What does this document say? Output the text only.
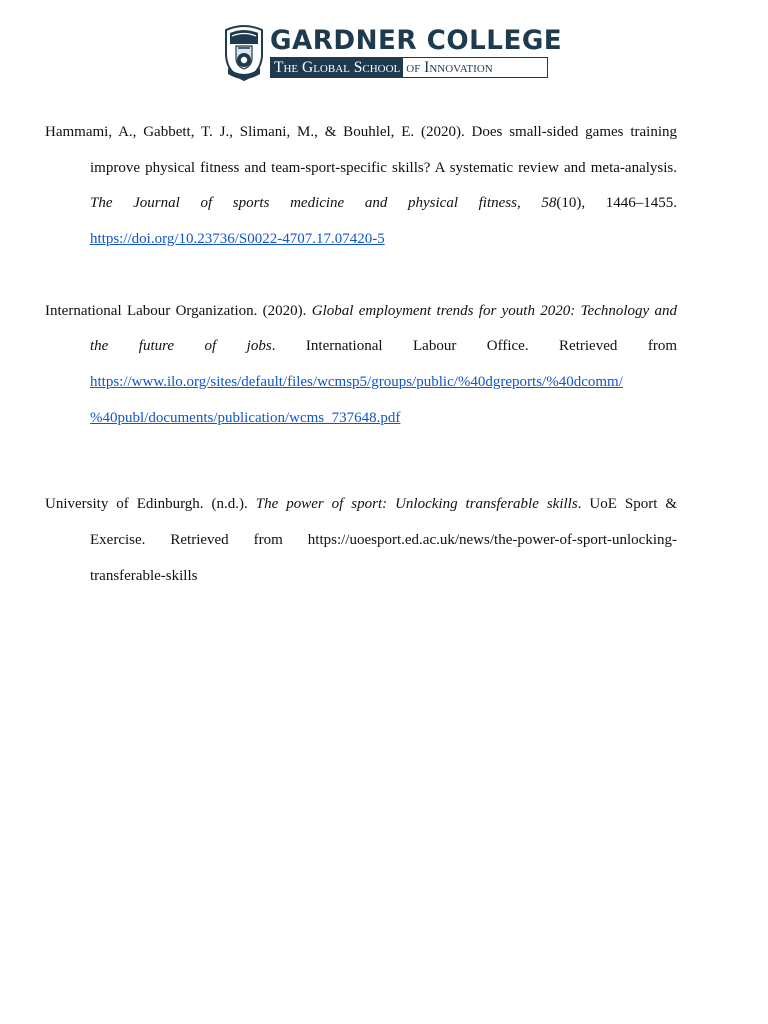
GARDNER COLLEGE
The Global School of Innovation

Hammami, A., Gabbett, T. J., Slimani, M., & Bouhlel, E. (2020). Does small-sided games training improve physical fitness and team-sport-specific skills? A systematic review and meta-analysis. The Journal of sports medicine and physical fitness, 58(10), 1446–1455. https://doi.org/10.23736/S0022-4707.17.07420-5

International Labour Organization. (2020). Global employment trends for youth 2020: Technology and the future of jobs. International Labour Office. Retrieved from https://www.ilo.org/sites/default/files/wcmsp5/groups/public/%40dgreports/%40dcomm/
%40publ/documents/publication/wcms_737648.pdf

University of Edinburgh. (n.d.). The power of sport: Unlocking transferable skills. UoE Sport & Exercise. Retrieved from https://uoesport.ed.ac.uk/news/the-power-of-sport-unlocking-transferable-skills
